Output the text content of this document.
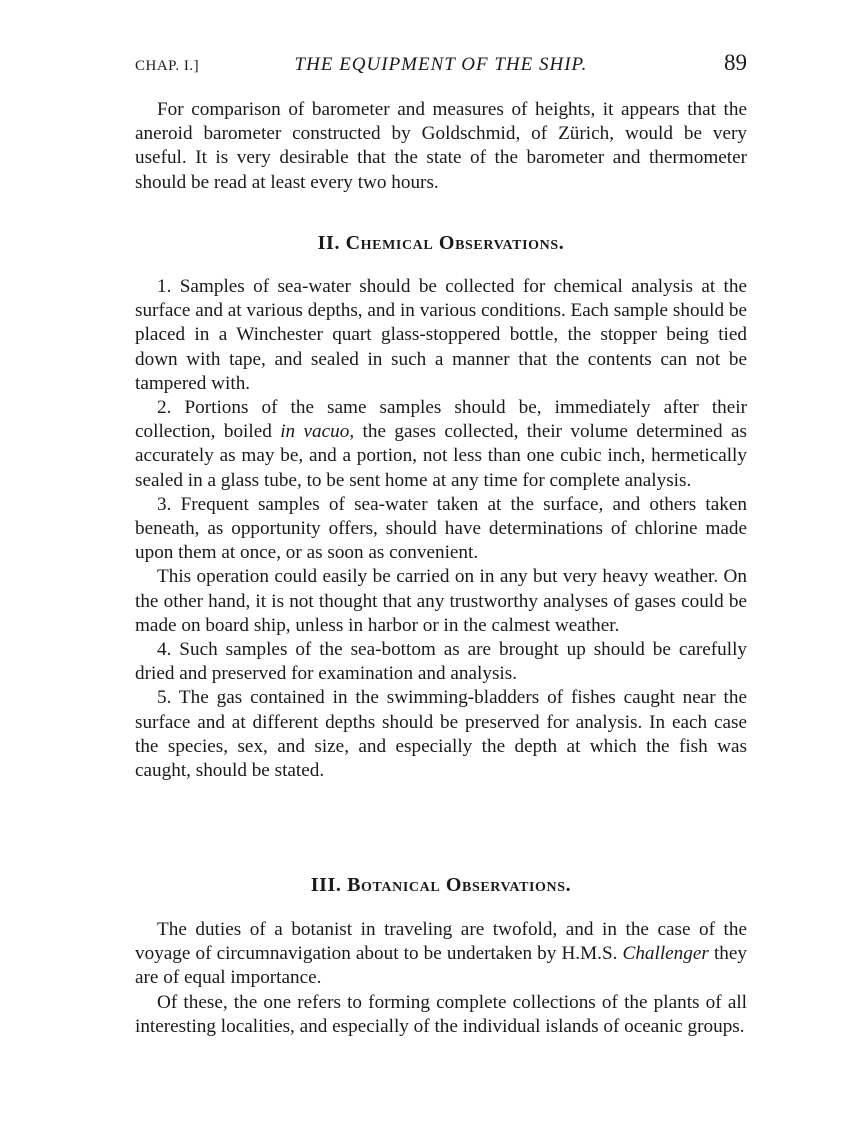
CHAP. I.]	THE EQUIPMENT OF THE SHIP.	89

For comparison of barometer and measures of heights, it appears that the aneroid barometer constructed by Goldschmid, of Zürich, would be very useful. It is very desirable that the state of the barometer and thermometer should be read at least every two hours.

II. Chemical Observations.

1. Samples of sea-water should be collected for chemical analysis at the surface and at various depths, and in various conditions. Each sample should be placed in a Winchester quart glass-stoppered bottle, the stopper being tied down with tape, and sealed in such a manner that the contents can not be tampered with.

2. Portions of the same samples should be, immediately after their collection, boiled in vacuo, the gases collected, their volume determined as accurately as may be, and a portion, not less than one cubic inch, hermetically sealed in a glass tube, to be sent home at any time for complete analysis.

3. Frequent samples of sea-water taken at the surface, and others taken beneath, as opportunity offers, should have determinations of chlorine made upon them at once, or as soon as convenient.

This operation could easily be carried on in any but very heavy weather. On the other hand, it is not thought that any trustworthy analyses of gases could be made on board ship, unless in harbor or in the calmest weather.

4. Such samples of the sea-bottom as are brought up should be carefully dried and preserved for examination and analysis.

5. The gas contained in the swimming-bladders of fishes caught near the surface and at different depths should be preserved for analysis. In each case the species, sex, and size, and especially the depth at which the fish was caught, should be stated.

III. Botanical Observations.

The duties of a botanist in traveling are twofold, and in the case of the voyage of circumnavigation about to be undertaken by H.M.S. Challenger they are of equal importance.

Of these, the one refers to forming complete collections of the plants of all interesting localities, and especially of the individual islands of oceanic groups.
